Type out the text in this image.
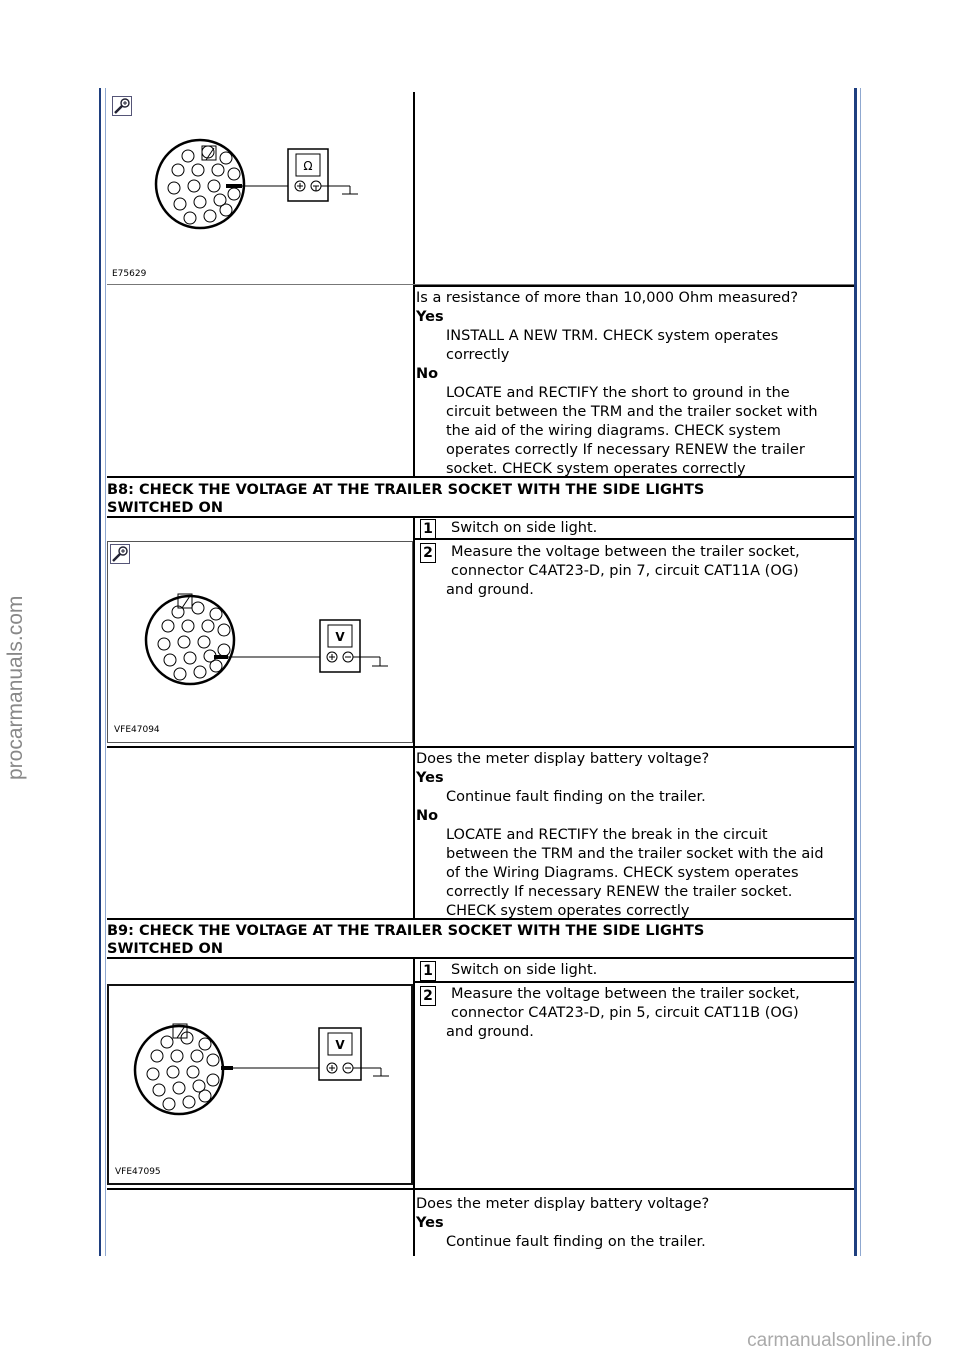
procarmanuals.com
Ω
E75629
Is a resistance of more than 10,000 Ohm measured?
Yes
INSTALL A NEW TRM. CHECK system operates
correctly
No
LOCATE and RECTIFY the short to ground in the
circuit between the TRM and the trailer socket with
the aid of the wiring diagrams. CHECK system
operates correctly If necessary RENEW the trailer
socket. CHECK system operates correctly
B8: CHECK THE VOLTAGE AT THE TRAILER SOCKET WITH THE SIDE LIGHTS
SWITCHED ON
1 Switch on side light.
2 Measure the voltage between the trailer socket,
connector C4AT23-D, pin 7, circuit CAT11A (OG)
and ground.
V
VFE47094
Does the meter display battery voltage?
Yes
Continue fault finding on the trailer.
No
LOCATE and RECTIFY the break in the circuit
between the TRM and the trailer socket with the aid
of the Wiring Diagrams. CHECK system operates
correctly If necessary RENEW the trailer socket.
CHECK system operates correctly
B9: CHECK THE VOLTAGE AT THE TRAILER SOCKET WITH THE SIDE LIGHTS
SWITCHED ON
1 Switch on side light.
2 Measure the voltage between the trailer socket,
connector C4AT23-D, pin 5, circuit CAT11B (OG)
and ground.
V
VFE47095
Does the meter display battery voltage?
Yes
Continue fault finding on the trailer.
carmanualsonline.info
